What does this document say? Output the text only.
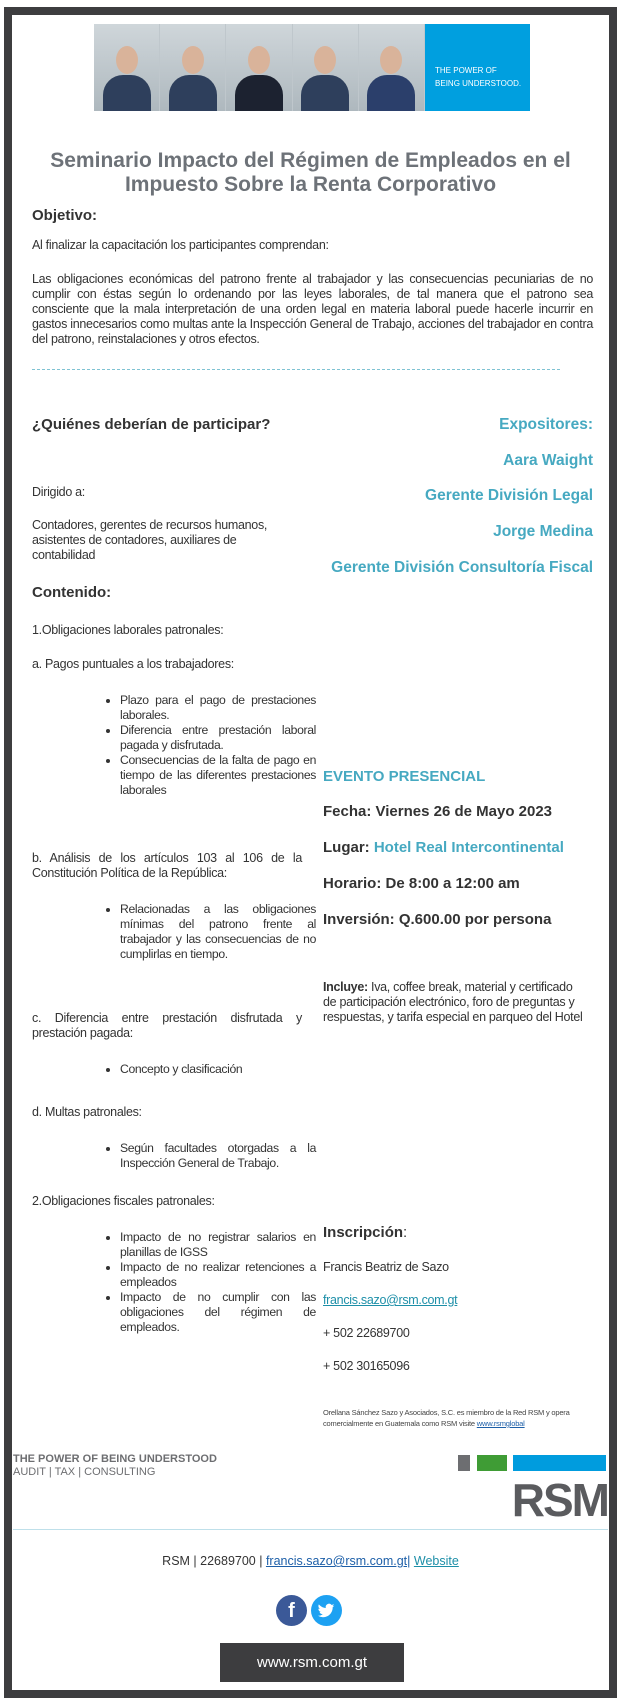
THE POWER OF
BEING UNDERSTOOD.
Seminario Impacto del Régimen de Empleados en el
Impuesto Sobre la Renta Corporativo
Objetivo:
Al finalizar la capacitación los participantes comprendan:
Las obligaciones económicas del patrono frente al trabajador y las consecuencias pecuniarias de no cumplir con éstas según lo ordenando por las leyes laborales, de tal manera que el patrono sea consciente que la mala interpretación de una orden legal en materia laboral puede hacerle incurrir en gastos innecesarios como multas ante la Inspección General de Trabajo, acciones del trabajador en contra del patrono, reinstalaciones y otros efectos.
¿Quiénes deberían de participar?
Dirigido a:
Contadores, gerentes de recursos humanos, asistentes de contadores, auxiliares de contabilidad
Expositores:
Aara Waight
Gerente División Legal
Jorge Medina
Gerente División Consultoría Fiscal
Contenido:
1.Obligaciones laborales patronales:
a. Pagos puntuales a los trabajadores:
• Plazo para el pago de prestaciones laborales.
• Diferencia entre prestación laboral pagada y disfrutada.
• Consecuencias de la falta de pago en tiempo de las diferentes prestaciones laborales
b. Análisis de los artículos 103 al 106 de la Constitución Política de la República:
• Relacionadas a las obligaciones mínimas del patrono frente al trabajador y las consecuencias de no cumplirlas en tiempo.
c. Diferencia entre prestación disfrutada y prestación pagada:
• Concepto y clasificación
d. Multas patronales:
• Según facultades otorgadas a la Inspección General de Trabajo.
2.Obligaciones fiscales patronales:
• Impacto de no registrar salarios en planillas de IGSS
• Impacto de no realizar retenciones a empleados
• Impacto de no cumplir con las obligaciones del régimen de empleados.
EVENTO PRESENCIAL
Fecha: Viernes 26 de Mayo 2023
Lugar: Hotel Real Intercontinental
Horario: De 8:00 a 12:00 am
Inversión: Q.600.00 por persona
Incluye: Iva, coffee break, material y certificado de participación electrónico, foro de preguntas y respuestas, y tarifa especial en parqueo del Hotel
Inscripción:
Francis Beatriz de Sazo
francis.sazo@rsm.com.gt
+ 502 22689700
+ 502 30165096
Orellana Sánchez Sazo y Asociados, S.C. es miembro de la Red RSM y opera comercialmente en Guatemala como RSM visite www.rsmglobal
THE POWER OF BEING UNDERSTOOD
AUDIT | TAX | CONSULTING
RSM
RSM | 22689700 | francis.sazo@rsm.com.gt| Website
f
www.rsm.com.gt
